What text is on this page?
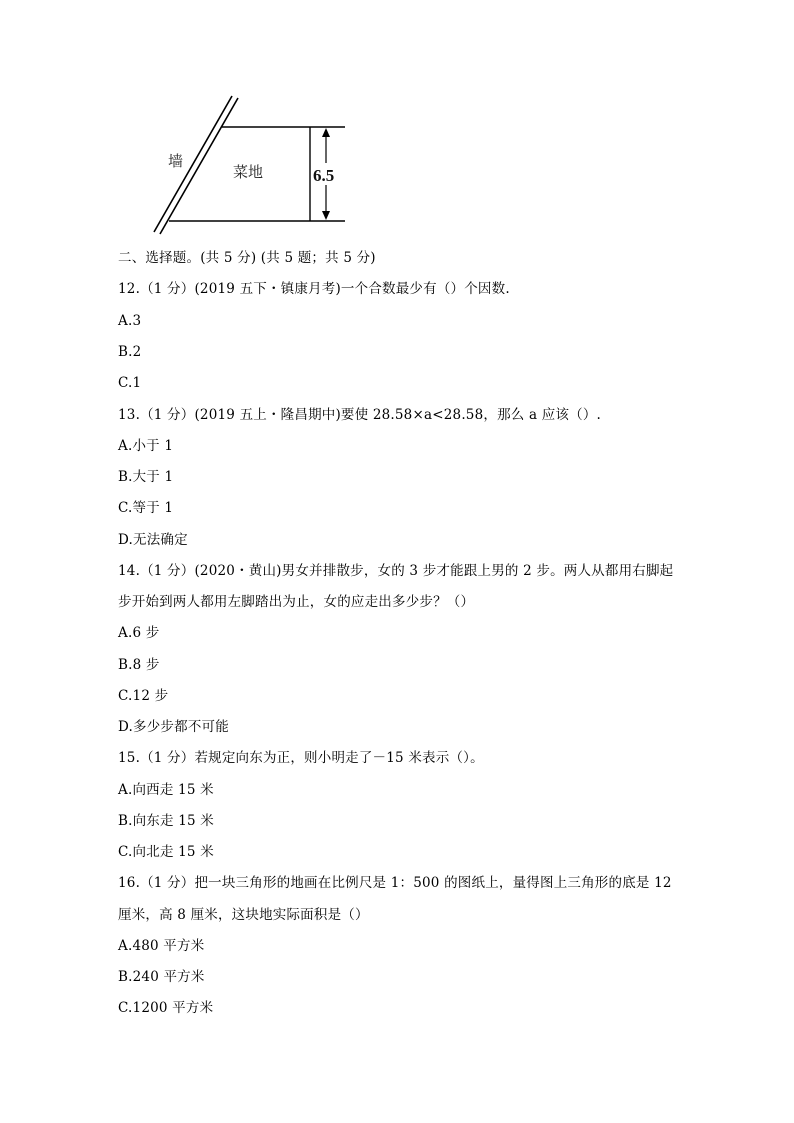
墙
菜地	6.5
二、选择题。(共 5 分) (共 5 题；共 5 分)
12.（1 分）(2019 五下・镇康月考)一个合数最少有（）个因数.
A.3
B.2
C.1
13.（1 分）(2019 五上・隆昌期中)要使 28.58×a<28.58，那么 a 应该（）.
A.小于 1
B.大于 1
C.等于 1
D.无法确定
14.（1 分）(2020・黄山)男女并排散步，女的 3 步才能跟上男的 2 步。两人从都用右脚起
步开始到两人都用左脚踏出为止，女的应走出多少步？（）
A.6 步
B.8 步
C.12 步
D.多少步都不可能
15.（1 分）若规定向东为正，则小明走了－15 米表示（）。
A.向西走 15 米
B.向东走 15 米
C.向北走 15 米
16.（1 分）把一块三角形的地画在比例尺是 1：500 的图纸上，量得图上三角形的底是 12
厘米，高 8 厘米，这块地实际面积是（）
A.480 平方米
B.240 平方米
C.1200 平方米
